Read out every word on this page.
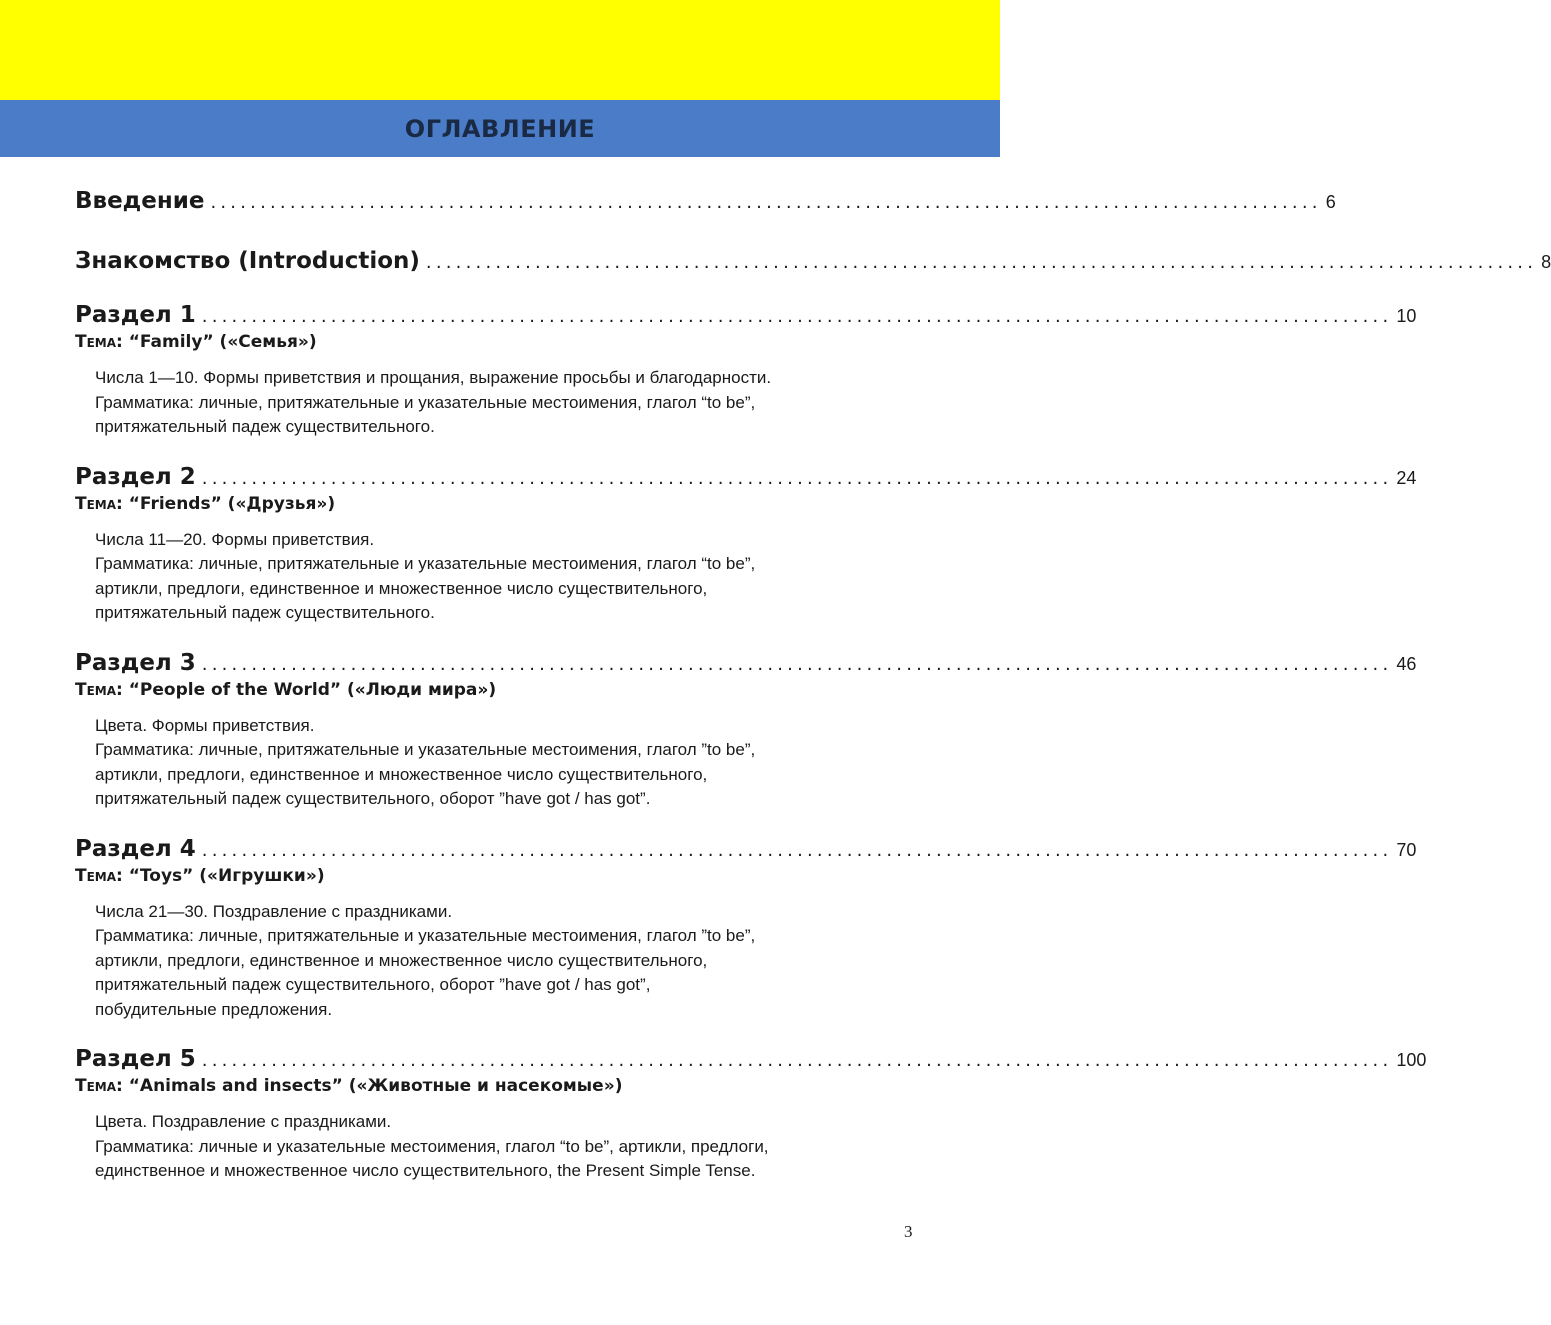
ОГЛАВЛЕНИЕ
Введение ................................................................................................................ 6
Знакомство (Introduction) ................................................................................................................ 8
Раздел 1 ........................................................................................................................ 10
Тема: “Family” («Семья»)
Числа 1—10. Формы приветствия и прощания, выражение просьбы и благодарности.
Грамматика: личные, притяжательные и указательные местоимения, глагол “to be”,
притяжательный падеж существительного.
Раздел 2 ........................................................................................................................ 24
Тема: “Friends” («Друзья»)
Числа 11—20. Формы приветствия.
Грамматика: личные, притяжательные и указательные местоимения, глагол “to be”,
артикли, предлоги, единственное и множественное число существительного,
притяжательный падеж существительного.
Раздел 3 ........................................................................................................................ 46
Тема: “People of the World” («Люди мира»)
Цвета. Формы приветствия.
Грамматика: личные, притяжательные и указательные местоимения, глагол ”to be”,
артикли, предлоги, единственное и множественное число существительного,
притяжательный падеж существительного, оборот ”have got / has got”.
Раздел 4 ........................................................................................................................ 70
Тема: “Toys” («Игрушки»)
Числа 21—30. Поздравление с праздниками.
Грамматика: личные, притяжательные и указательные местоимения, глагол ”to be”,
артикли, предлоги, единственное и множественное число существительного,
притяжательный падеж существительного, оборот ”have got / has got”,
побудительные предложения.
Раздел 5 ........................................................................................................................ 100
Тема: “Animals and insects” («Животные и насекомые»)
Цвета. Поздравление с праздниками.
Грамматика: личные и указательные местоимения, глагол “to be”, артикли, предлоги,
единственное и множественное число существительного, the Present Simple Tense.
3
